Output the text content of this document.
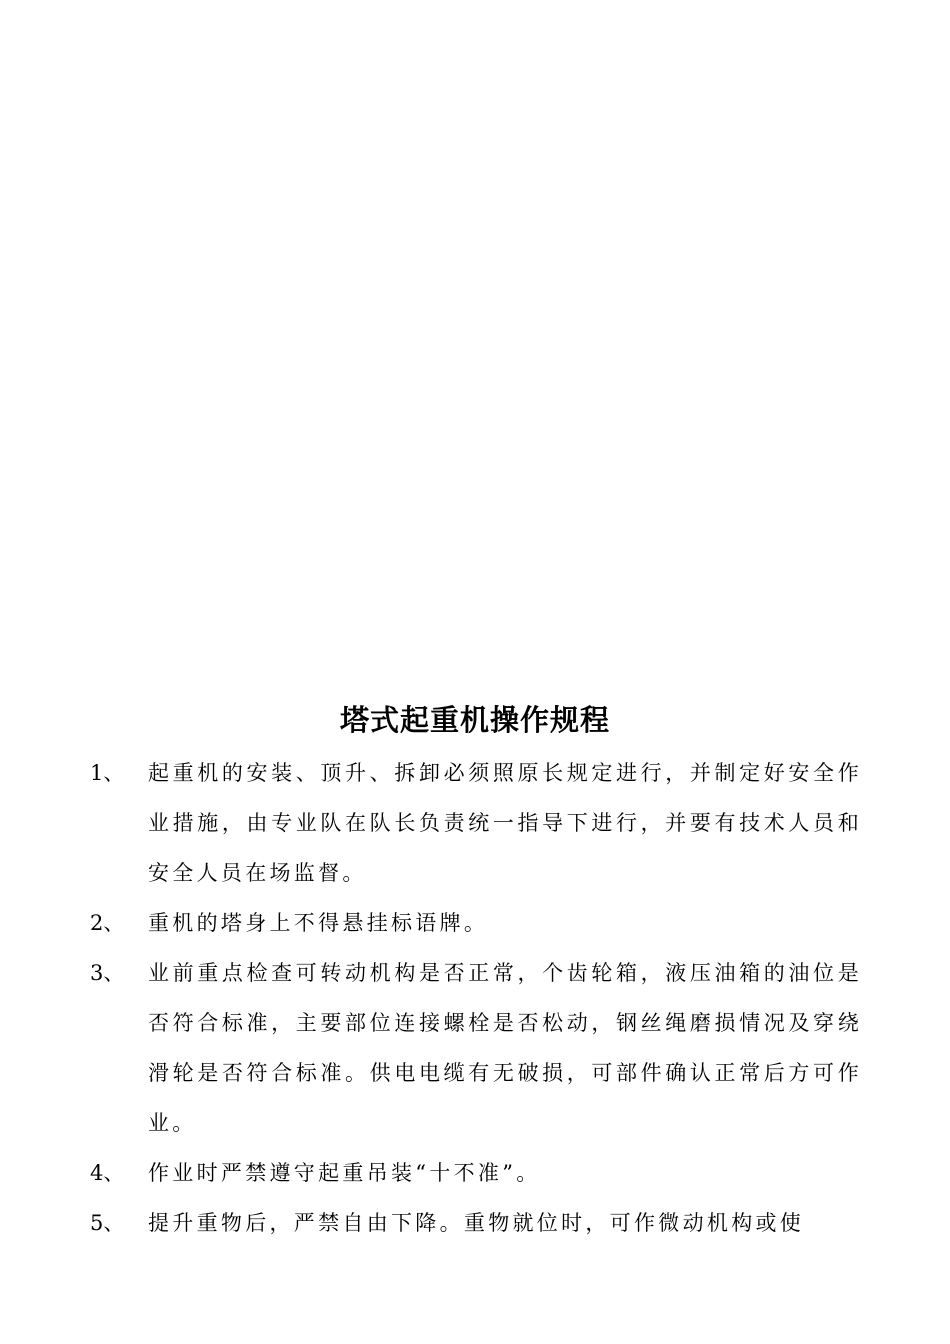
塔式起重机操作规程
1、	起重机的安装、顶升、拆卸必须照原长规定进行，并制定好安全作业措施，由专业队在队长负责统一指导下进行，并要有技术人员和安全人员在场监督。
2、	重机的塔身上不得悬挂标语牌。
3、	业前重点检查可转动机构是否正常，个齿轮箱，液压油箱的油位是否符合标准，主要部位连接螺栓是否松动，钢丝绳磨损情况及穿绕滑轮是否符合标准。供电电缆有无破损，可部件确认正常后方可作业。
4、	作业时严禁遵守起重吊装“十不准”。
5、	提升重物后，严禁自由下降。重物就位时，可作微动机构或使
